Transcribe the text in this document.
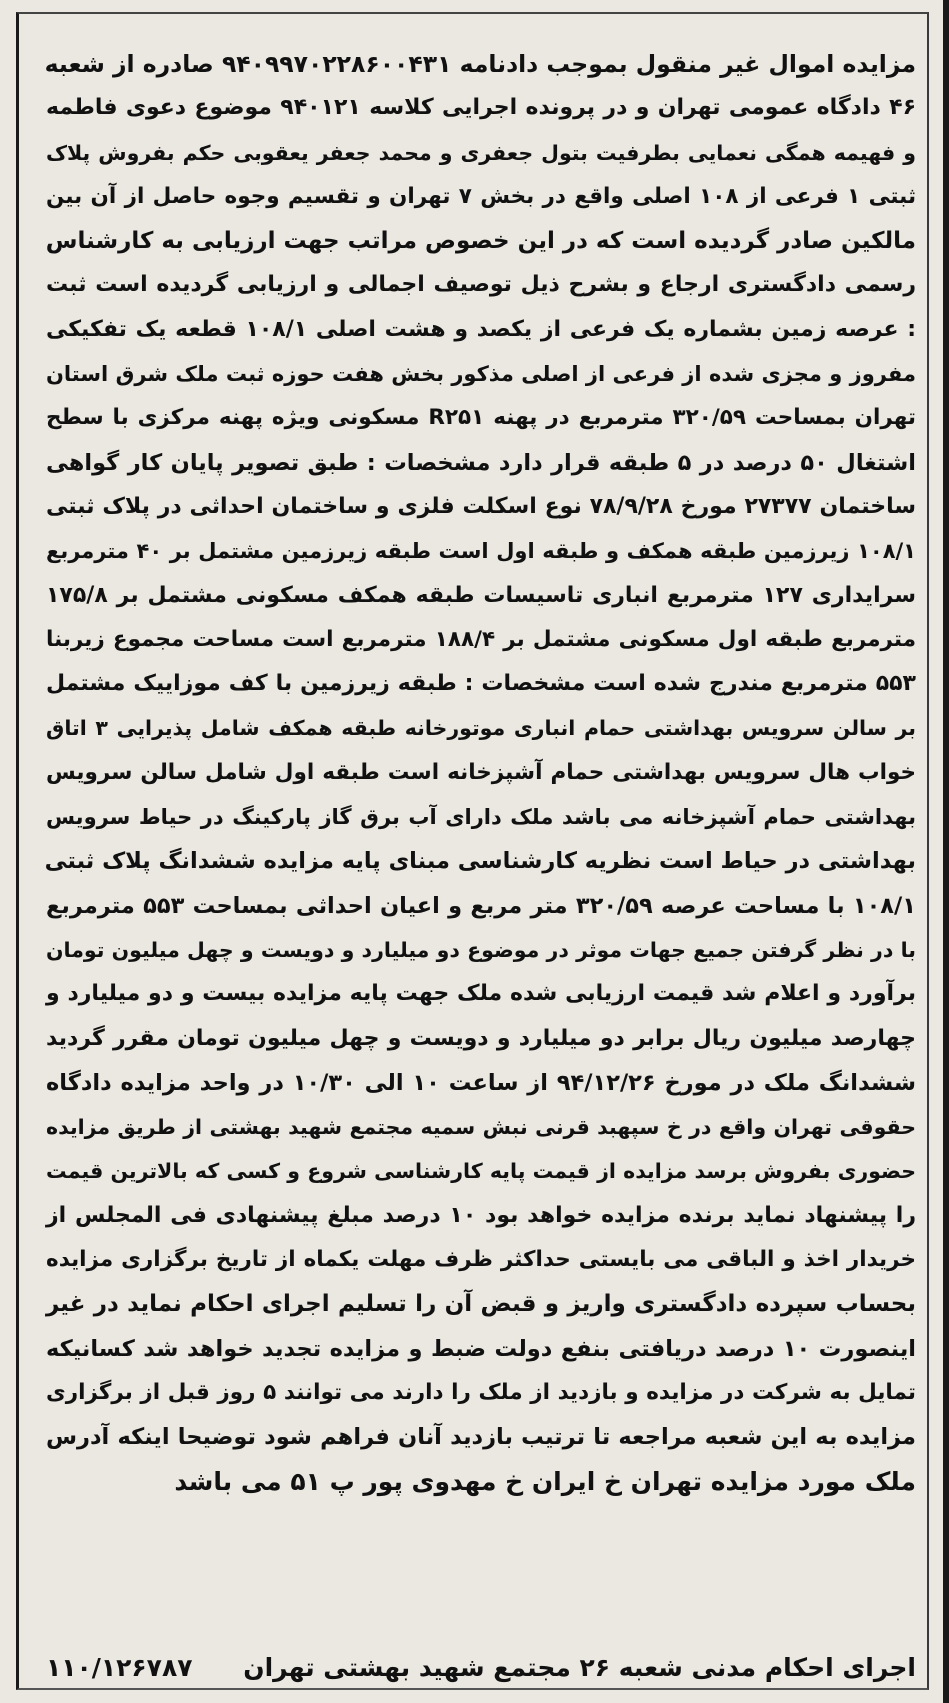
مزایده اموال غیر منقول بموجب دادنامه ۹۴۰۹۹۷۰۲۲۸۶۰۰۴۳۱ صادره از شعبه
۴۶ دادگاه عمومی تهران و در پرونده اجرایی کلاسه ۹۴۰۱۲۱ موضوع دعوی فاطمه
و فهیمه همگی نعمایی بطرفیت بتول جعفری و محمد جعفر یعقوبی حکم بفروش پلاک
ثبتی ۱ فرعی از ۱۰۸ اصلی واقع در بخش ۷ تهران و تقسیم وجوه حاصل از آن بین
مالکین صادر گردیده است که در این خصوص مراتب جهت ارزیابی به کارشناس
رسمی دادگستری ارجاع و بشرح ذیل توصیف اجمالی و ارزیابی گردیده است ثبت
: عرصه زمین بشماره یک فرعی از یکصد و هشت اصلی ۱۰۸/۱ قطعه یک تفکیکی
مفروز و مجزی شده از فرعی از اصلی مذکور بخش هفت حوزه ثبت ملک شرق استان
تهران بمساحت ۳۲۰/۵۹ مترمربع در پهنه R۲۵۱ مسکونی ویژه پهنه مرکزی با سطح
اشتغال ۵۰ درصد در ۵ طبقه قرار دارد مشخصات : طبق تصویر پایان کار گواهی
ساختمان ۲۷۳۷۷ مورخ ۷۸/۹/۲۸ نوع اسکلت فلزی و ساختمان احداثی در پلاک ثبتی
۱۰۸/۱ زیرزمین طبقه همکف و طبقه اول است طبقه زیرزمین مشتمل بر ۴۰ مترمربع
سرایداری ۱۲۷ مترمربع انباری تاسیسات طبقه همکف مسکونی مشتمل بر ۱۷۵/۸
مترمربع طبقه اول مسکونی مشتمل بر ۱۸۸/۴ مترمربع است مساحت مجموع زیربنا
۵۵۳ مترمربع مندرج شده است مشخصات : طبقه زیرزمین با کف موزاییک مشتمل
بر سالن سرویس بهداشتی حمام انباری موتورخانه طبقه همکف شامل پذیرایی ۳ اتاق
خواب هال سرویس بهداشتی حمام آشپزخانه است طبقه اول شامل سالن سرویس
بهداشتی حمام آشپزخانه می باشد ملک دارای آب برق گاز پارکینگ در حیاط سرویس
بهداشتی در حیاط است نظریه کارشناسی مبنای پایه مزایده ششدانگ پلاک ثبتی
۱۰۸/۱ با مساحت عرصه ۳۲۰/۵۹ متر مربع و اعیان احداثی بمساحت ۵۵۳ مترمربع
با در نظر گرفتن جمیع جهات موثر در موضوع دو میلیارد و دویست و چهل میلیون تومان
برآورد و اعلام شد قیمت ارزیابی شده ملک جهت پایه مزایده بیست و دو میلیارد و
چهارصد میلیون ریال برابر دو میلیارد و دویست و چهل میلیون تومان مقرر گردید
ششدانگ ملک در مورخ ۹۴/۱۲/۲۶ از ساعت ۱۰ الی ۱۰/۳۰ در واحد مزایده دادگاه
حقوقی تهران واقع در خ سپهبد قرنی نبش سمیه مجتمع شهید بهشتی از طریق مزایده
حضوری بفروش برسد مزایده از قیمت پایه کارشناسی شروع و کسی که بالاترین قیمت
را پیشنهاد نماید برنده مزایده خواهد بود ۱۰ درصد مبلغ پیشنهادی فی المجلس از
خریدار اخذ و الباقی می بایستی حداکثر ظرف مهلت یکماه از تاریخ برگزاری مزایده
بحساب سپرده دادگستری واریز و قبض آن را تسلیم اجرای احکام نماید در غیر
اینصورت ۱۰ درصد دریافتی بنفع دولت ضبط و مزایده تجدید خواهد شد کسانیکه
تمایل به شرکت در مزایده و بازدید از ملک را دارند می توانند ۵ روز قبل از برگزاری
مزایده به این شعبه مراجعه تا ترتیب بازدید آنان فراهم شود توضیحا اینکه آدرس
ملک مورد مزایده تهران خ ایران خ مهدوی پور پ ۵۱ می باشد
اجرای احکام مدنی شعبه ۲۶ مجتمع شهید بهشتی تهران
۱۱۰/۱۲۶۷۸۷
